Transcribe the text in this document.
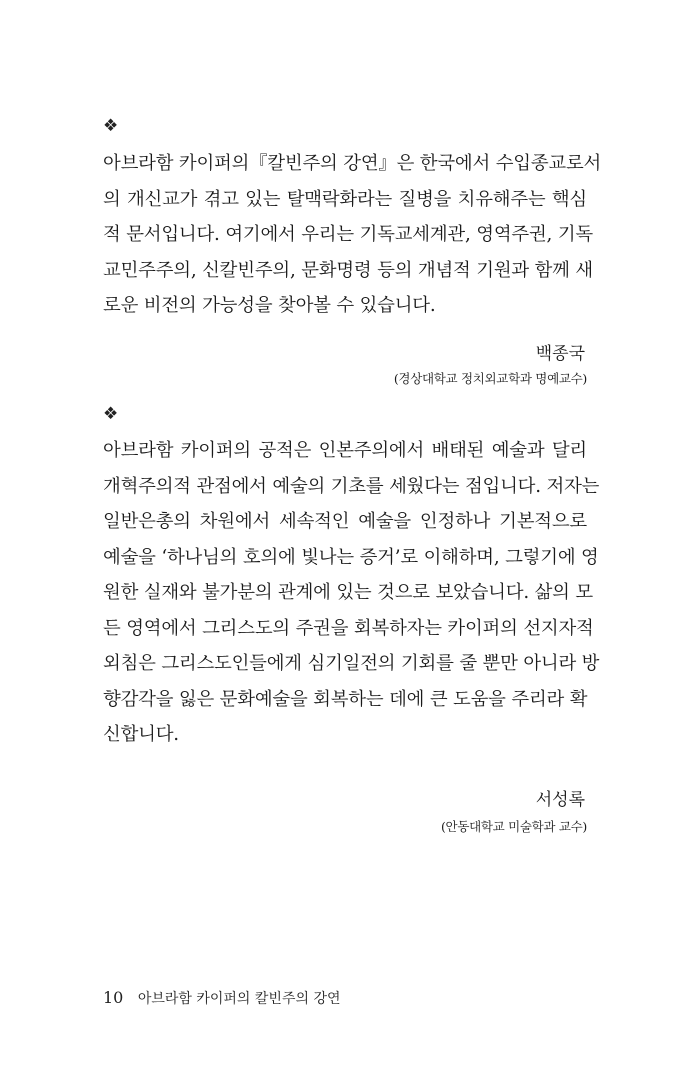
❖
아브라함 카이퍼의『칼빈주의 강연』은 한국에서 수입종교로서
의 개신교가 겪고 있는 탈맥락화라는 질병을 치유해주는 핵심
적 문서입니다. 여기에서 우리는 기독교세계관, 영역주권, 기독
교민주주의, 신칼빈주의, 문화명령 등의 개념적 기원과 함께 새
로운 비전의 가능성을 찾아볼 수 있습니다.
백종국
(경상대학교 정치외교학과 명예교수)
❖
아브라함 카이퍼의 공적은 인본주의에서 배태된 예술과 달리
개혁주의적 관점에서 예술의 기초를 세웠다는 점입니다. 저자는
일반은총의 차원에서 세속적인 예술을 인정하나 기본적으로
예술을 ‘하나님의 호의에 빛나는 증거’로 이해하며, 그렇기에 영
원한 실재와 불가분의 관계에 있는 것으로 보았습니다. 삶의 모
든 영역에서 그리스도의 주권을 회복하자는 카이퍼의 선지자적
외침은 그리스도인들에게 심기일전의 기회를 줄 뿐만 아니라 방
향감각을 잃은 문화예술을 회복하는 데에 큰 도움을 주리라 확
신합니다.
서성록
(안동대학교 미술학과 교수)
10 아브라함 카이퍼의 칼빈주의 강연
